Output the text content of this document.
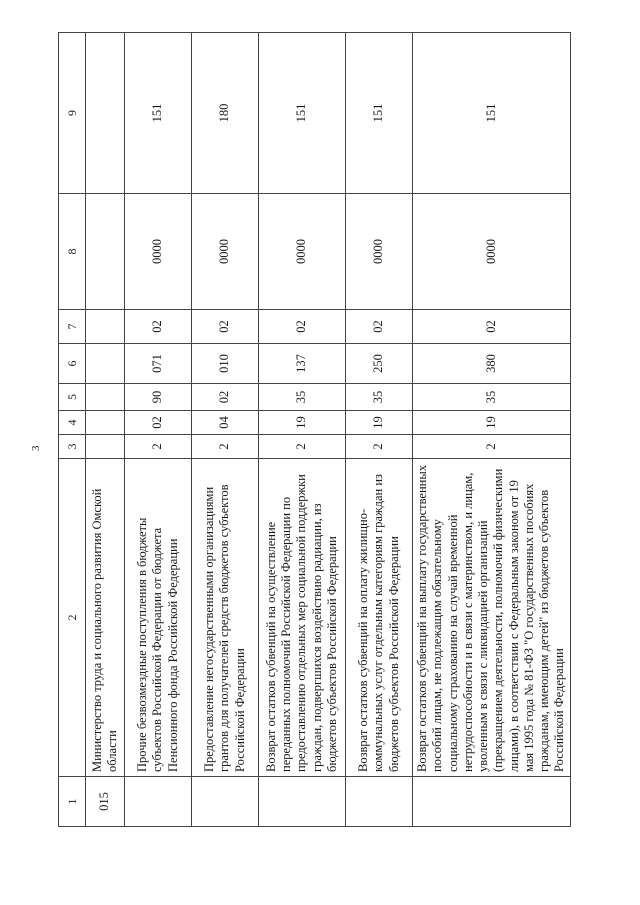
3
1	2	3	4	5	6	7	8	9
015	Министерство труда и социального развития Омской области							
	Прочие безвозмездные поступления в бюджеты субъектов Российской Федерации от бюджета Пенсионного фонда Российской Федерации	2	02	90	071	02	0000	151
	Предоставление негосударственными организациями грантов для получателей средств бюджетов субъектов Российской Федерации	2	04	02	010	02	0000	180
	Возврат остатков субвенций на осуществление переданных полномочий Российской Федерации по предоставлению отдельных мер социальной поддержки граждан, подвергшихся воздействию радиации, из бюджетов субъектов Российской Федерации	2	19	35	137	02	0000	151
	Возврат остатков субвенций на оплату жилищно-коммунальных услуг отдельным категориям граждан из бюджетов субъектов Российской Федерации	2	19	35	250	02	0000	151
	Возврат остатков субвенций на выплату государственных пособий лицам, не подлежащим обязательному социальному страхованию на случай временной нетрудоспособности и в связи с материнством, и лицам, уволенным в связи с ликвидацией организаций (прекращением деятельности, полномочий физическими лицами), в соответствии с Федеральным законом от 19 мая 1995 года № 81-ФЗ "О государственных пособиях гражданам, имеющим детей" из бюджетов субъектов Российской Федерации	2	19	35	380	02	0000	151
